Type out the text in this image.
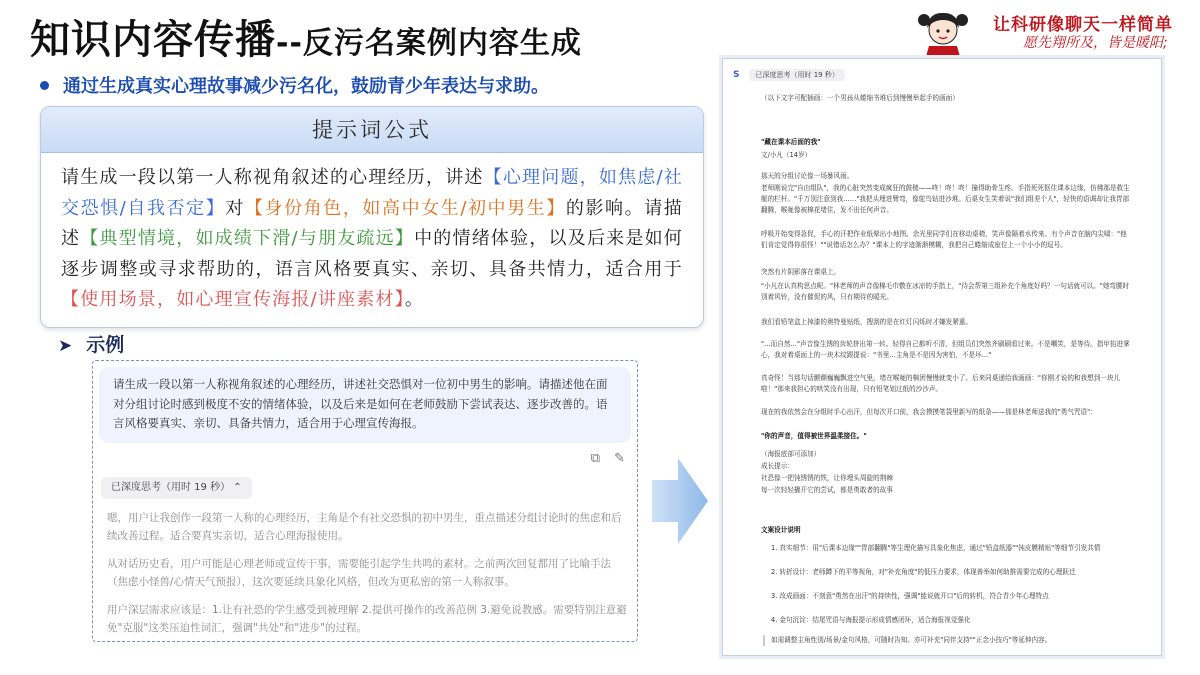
知识内容传播--反污名案例内容生成
让科研像聊天一样简单
愿先翔所及，皆是暖阳;
通过生成真实心理故事减少污名化，鼓励青少年表达与求助。
提示词公式
请生成一段以第一人称视角叙述的心理经历，讲述【心理问题，如焦虑/社交恐惧/自我否定】对【身份角色，如高中女生/初中男生】的影响。请描述【典型情境，如成绩下滑/与朋友疏远】中的情绪体验，以及后来是如何逐步调整或寻求帮助的，语言风格要真实、亲切、具备共情力，适合用于【使用场景，如心理宣传海报/讲座素材】。
➤ 示例
请生成一段以第一人称视角叙述的心理经历，讲述社交恐惧对一位初中男生的影响。请描述他在面对分组讨论时感到极度不安的情绪体验，以及后来是如何在老师鼓励下尝试表达、逐步改善的。语言风格要真实、亲切、具备共情力，适合用于心理宣传海报。
⧉ ✎
已深度思考（用时 19 秒） ⌃
嗯，用户让我创作一段第一人称的心理经历，主角是个有社交恐惧的初中男生，重点描述分组讨论时的焦虑和后续改善过程。适合要真实亲切，适合心理海报使用。
从对话历史看，用户可能是心理老师或宣传干事，需要能引起学生共鸣的素材。之前两次回复都用了比喻手法（焦虑小怪兽/心情天气预报），这次要延续具象化风格，但改为更私密的第一人称叙事。
用户深层需求应该是：1.让有社恐的学生感受到被理解 2.提供可操作的改善范例 3.避免说教感。需要特别注意避免"克服"这类压迫性词汇，强调"共处"和"进步"的过程。
S 已深度思考（用时 19 秒）
（以下文字可配插画：一个男孩从蜷缩书堆后到慢慢举起手的画面）
"藏在课本后面的我"
文/小凡（14岁）
那天的分组讨论像一场暴风雨。
老师刚说完"自由组队"，我的心脏突然变成疯狂的鼓槌——咚！咚！咚！撞得助骨生疼。手指死死抠住课本边缘，仿佛那是救生艇的栏杆。"千万别注意到我……"我把头埋进臂弯，像鸵鸟钻进沙堆。后桌女生笑着说"我们组差个人"，轻快的语调却让我胃部翻腾，喉咙像被棉花堵住，发不出任何声音。
呼吸开始变得急促，手心的汗把作业纸晕出小地图。余光里同学们在移动桌椅，笑声像隔着水传来。有个声音在脑内尖啸："他们肯定觉得你很怪！""说错话怎么办？"课本上的字迹渐渐模糊，我把自己蜷缩成座位上一个小小的逗号。
突然有片阴影落在课桌上。
"小凡在认真构思点呢。"林老师的声音像棉毛巾敷在冰凉的手指上，"待会帮第三组补充个角度好吗？一句话就可以。"她弯腰时别着风铃，没有催促的风，只有期待的暖光。
我们看铅笔盒上掉漆的奥特曼贴纸，搜刮的是在红灯闪烁时才嫌发紧重。
"…而自然…"声音像生锈的齿轮挤出第一转。轻得自己都听不清，但组员们突然齐刷刷看过来。不是嘲笑，是等待。指甲掐进掌心，我对着桌面上的一块木纹跟提说："书里…主角是不是因为害怕，不是坏…"
真奇怪！当那句话颤颤巍巍飘进空气里，堵在喉咙的棉团慢慢就变小了。后来同桌递给我画画："你刚才说的和我想到一块儿啦！"那来我担心的哄笑没有出现，只有铅笔划过纸的沙沙声。
现在的我依然会在分组时手心出汗，但每次开口前，我会摸摸笔袋里新写的纸条——那是林老师送我的"勇气咒语"：
"你的声音，值得被世界温柔接住。"
（海报底部可添加）
成长提示：
社恐像一把钝锈锈的铁，让你埋头周旋的荆棘
每一次轻轻撬开它的尝试，都是勇敢者的故事
文案设计说明
1. 真实细节：用"后课本边缘""胃部翻腾"等生理化描写具象化焦虑，通过"铅盒纸器""钝皮膜精贴"等细节引发共情
2. 转折设计：老师蹲下的平等视角，对"补充角度"的低压力要求，体现善举如何助推需要完成的心理跃迁
3. 改成画面：不刻意"勇然在出汗"的持续性，强调"能说就开口"后的转机，符合青少年心理特点
4. 金句沉淀：结尾咒语与海报提示形成情感闭环，适合海报视觉强化
如需调整主角性别/场景/金句风格，可随时告知。亦可补充"同伴支持""正念小技巧"等延伸内容。
